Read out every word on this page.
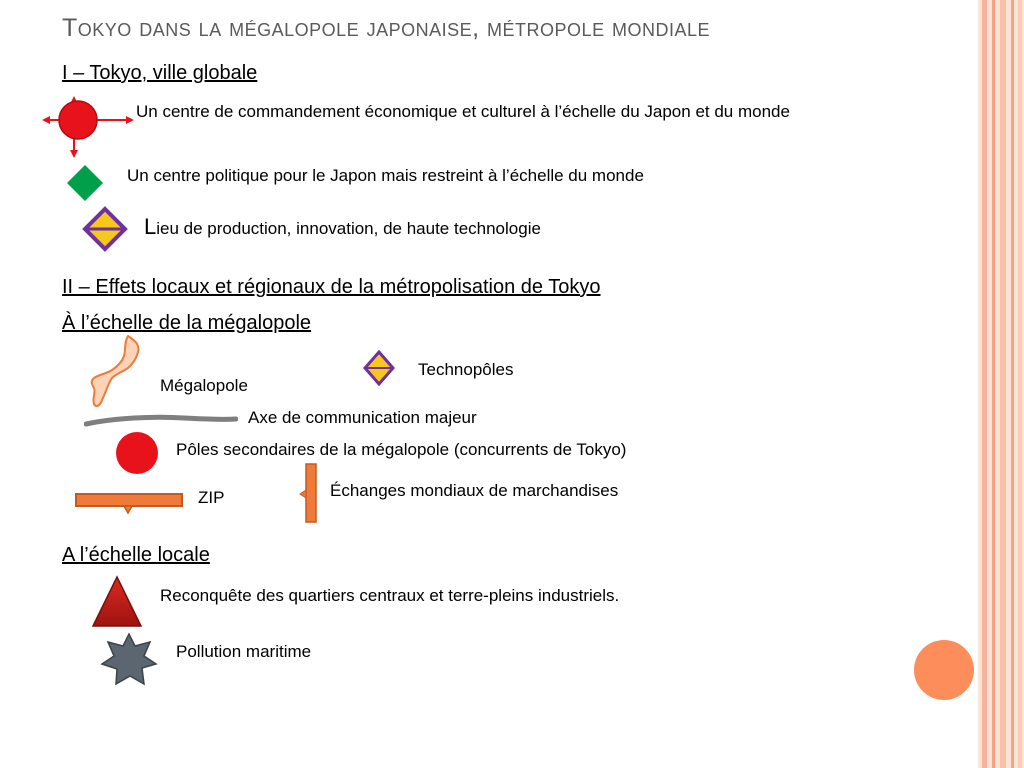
Tokyo dans la mégalopole japonaise, métropole mondiale
I – Tokyo, ville globale
Un centre de commandement économique et culturel à l’échelle du Japon et du monde
Un centre politique pour le Japon mais restreint à l’échelle du monde
Lieu de production, innovation, de haute technologie
II – Effets locaux et régionaux de la métropolisation de Tokyo
À l’échelle de la mégalopole
Mégalopole
Technopôles
Axe de communication majeur
Pôles secondaires de la mégalopole (concurrents de Tokyo)
ZIP	Échanges mondiaux de marchandises
A l’échelle locale
Reconquête des quartiers centraux et terre-pleins industriels.
Pollution maritime
